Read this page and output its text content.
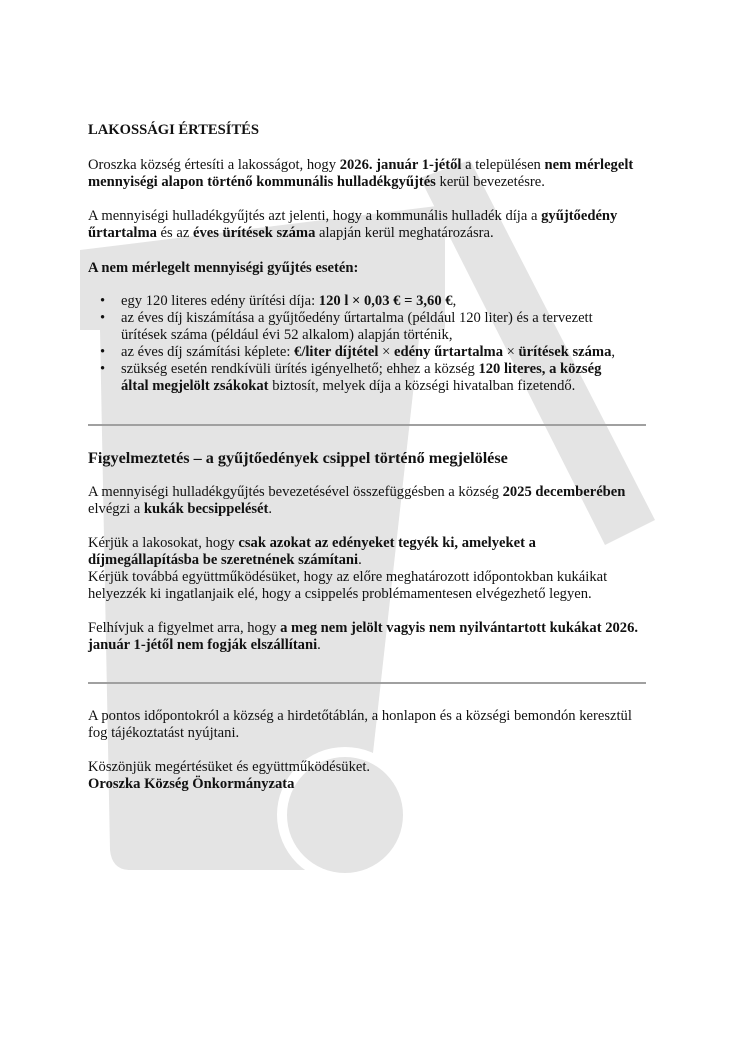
LAKOSSÁGI ÉRTESÍTÉS
Oroszka község értesíti a lakosságot, hogy 2026. január 1-jétől a településen nem mérlegelt
mennyiségi alapon történő kommunális hulladékgyűjtés kerül bevezetésre.
A mennyiségi hulladékgyűjtés azt jelenti, hogy a kommunális hulladék díja a gyűjtőedény
űrtartalma és az éves ürítések száma alapján kerül meghatározásra.
A nem mérlegelt mennyiségi gyűjtés esetén:
• egy 120 literes edény ürítési díja: 120 l × 0,03 € = 3,60 €,
• az éves díj kiszámítása a gyűjtőedény űrtartalma (például 120 liter) és a tervezett
ürítések száma (például évi 52 alkalom) alapján történik,
• az éves díj számítási képlete: €/liter díjtétel × edény űrtartalma × ürítések száma,
• szükség esetén rendkívüli ürítés igényelhető; ehhez a község 120 literes, a község
által megjelölt zsákokat biztosít, melyek díja a községi hivatalban fizetendő.
Figyelmeztetés – a gyűjtőedények csippel történő megjelölése
A mennyiségi hulladékgyűjtés bevezetésével összefüggésben a község 2025 decemberében
elvégzi a kukák becsippelését.
Kérjük a lakosokat, hogy csak azokat az edényeket tegyék ki, amelyeket a
díjmegállapításba be szeretnének számítani.
Kérjük továbbá együttműködésüket, hogy az előre meghatározott időpontokban kukáikat
helyezzék ki ingatlanjaik elé, hogy a csippelés problémamentesen elvégezhető legyen.
Felhívjuk a figyelmet arra, hogy a meg nem jelölt vagyis nem nyilvántartott kukákat 2026.
január 1-jétől nem fogják elszállítani.
A pontos időpontokról a község a hirdetőtáblán, a honlapon és a községi bemondón keresztül
fog tájékoztatást nyújtani.
Köszönjük megértésüket és együttműködésüket.
Oroszka Község Önkormányzata
